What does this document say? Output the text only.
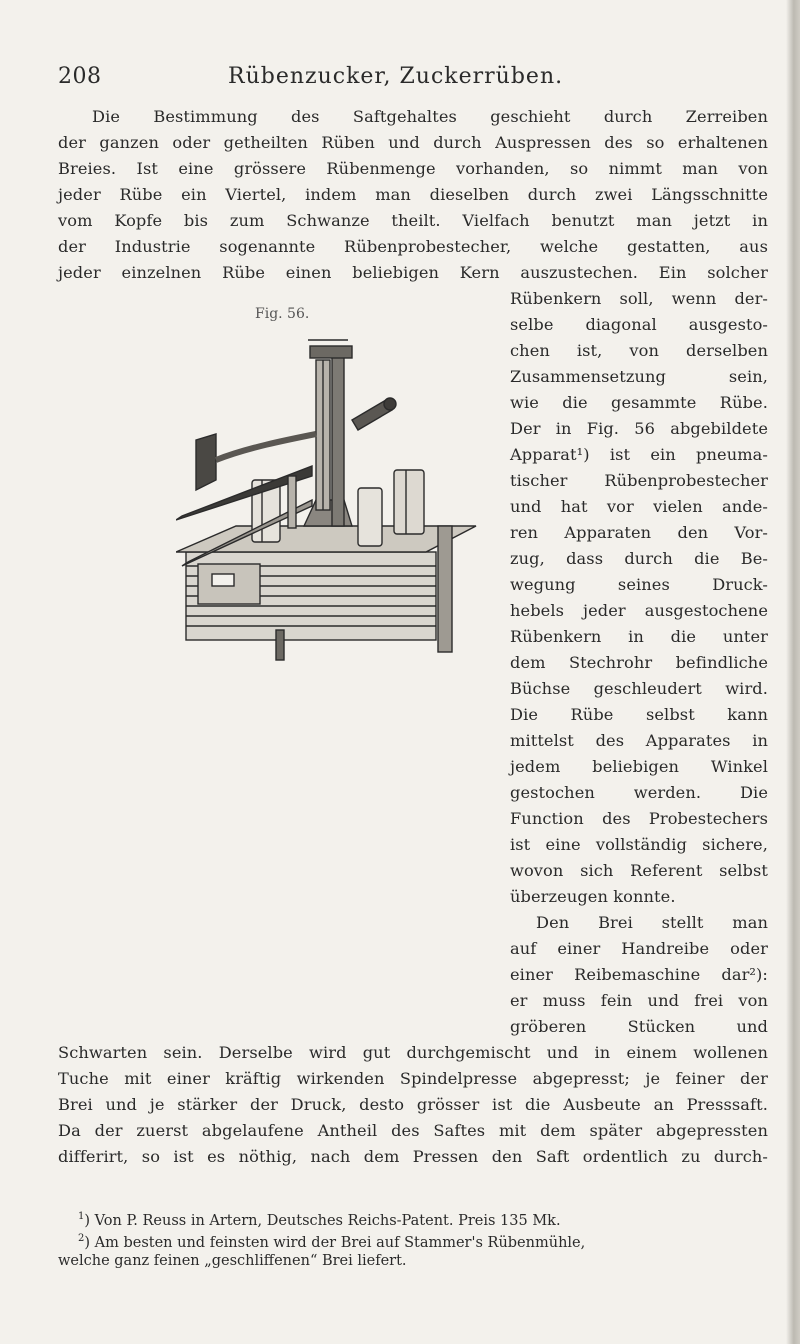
208	Rübenzucker, Zuckerrüben.
Die Bestimmung des Saftgehaltes geschieht durch Zerreiben
der ganzen oder getheilten Rüben und durch Auspressen des so erhaltenen
Breies. Ist eine grössere Rübenmenge vorhanden, so nimmt man von
jeder Rübe ein Viertel, indem man dieselben durch zwei Längsschnitte
vom Kopfe bis zum Schwanze theilt. Vielfach benutzt man jetzt in
der Industrie sogenannte Rübenprobestecher, welche gestatten, aus
jeder einzelnen Rübe einen beliebigen Kern auszustechen. Ein solcher
Rübenkern soll, wenn der-
selbe diagonal ausgesto-
chen ist, von derselben
Zusammensetzung sein,
wie die gesammte Rübe.
Der in Fig. 56 abgebildete
Apparat¹) ist ein pneuma-
tischer Rübenprobestecher
und hat vor vielen ande-
ren Apparaten den Vor-
zug, dass durch die Be-
wegung seines Druck-
hebels jeder ausgestochene
Rübenkern in die unter
dem Stechrohr befindliche
Büchse geschleudert wird.
Die Rübe selbst kann
mittelst des Apparates in
jedem beliebigen Winkel
gestochen werden. Die
Function des Probestechers
ist eine vollständig sichere,
wovon sich Referent selbst
überzeugen konnte.
Den Brei stellt man
auf einer Handreibe oder
einer Reibemaschine dar²):
er muss fein und frei von
gröberen Stücken und
Schwarten sein. Derselbe wird gut durchgemischt und in einem wollenen
Tuche mit einer kräftig wirkenden Spindelpresse abgepresst; je feiner der
Brei und je stärker der Druck, desto grösser ist die Ausbeute an Presssaft.
Da der zuerst abgelaufene Antheil des Saftes mit dem später abgepressten
differirt, so ist es nöthig, nach dem Pressen den Saft ordentlich zu durch-
Fig. 56.
$^1$) Von P. Reuss in Artern, Deutsches Reichs-Patent. Preis 135 Mk.
$^2$) Am besten und feinsten wird der Brei auf Stammer's Rübenmühle,
welche ganz feinen „geschliffenen“ Brei liefert.
